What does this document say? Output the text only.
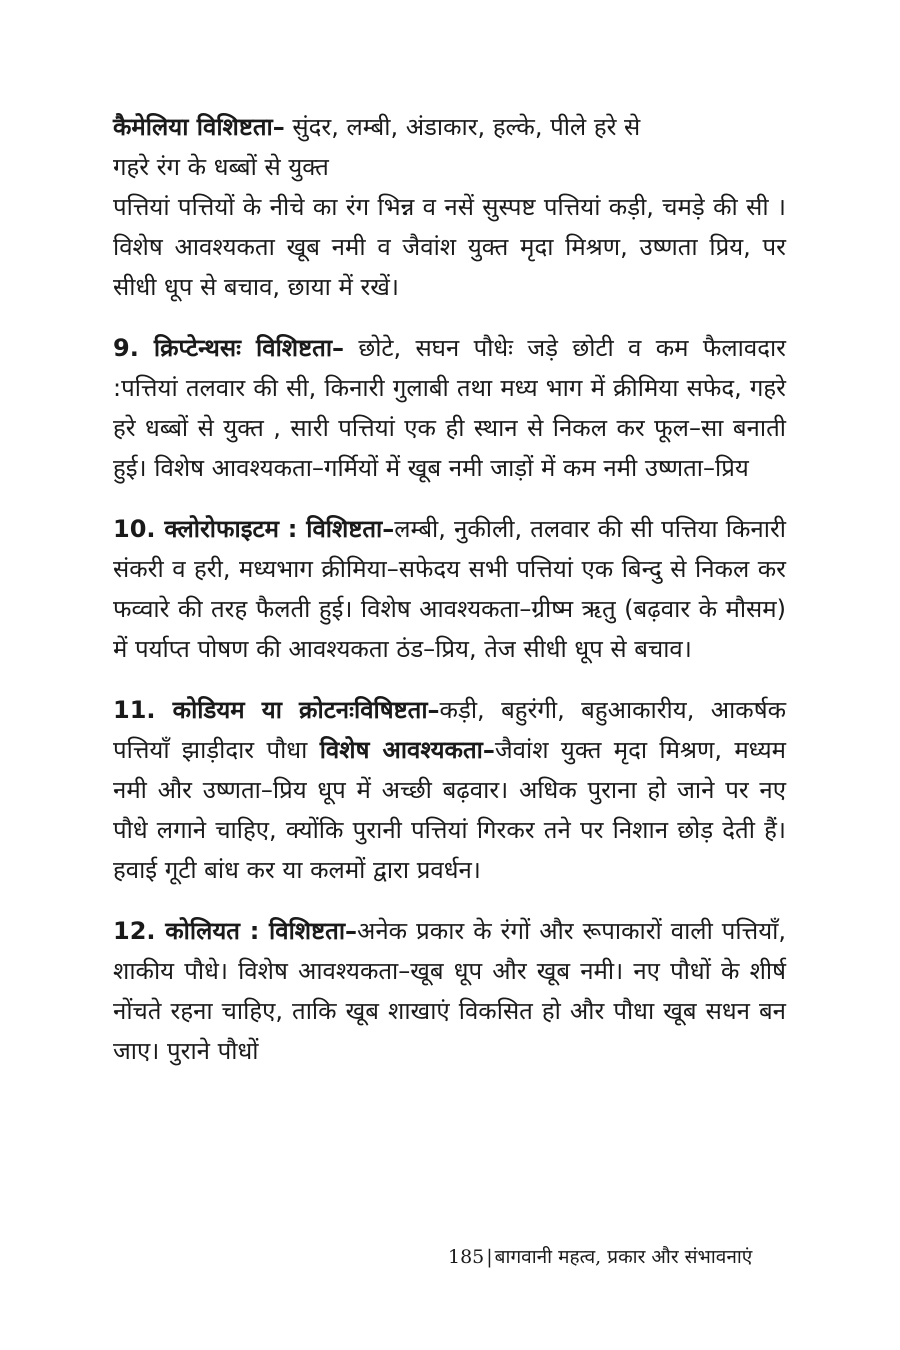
कैमेलिया विशिष्टता– सुंदर, लम्बी, अंडाकार, हल्के, पीले हरे से
गहरे रंग के धब्बों से युक्त

पत्तियां पत्तियों के नीचे का रंग भिन्न व नसें सुस्पष्ट पत्तियां कड़ी, चमड़े की सी । विशेष आवश्यकता खूब नमी व जैवांश युक्त मृदा मिश्रण, उष्णता प्रिय, पर सीधी धूप से बचाव, छाया में रखें।

9. क्रिप्टेन्थसः विशिष्टता– छोटे, सघन पौधेः जड़े छोटी व कम फैलावदार :पत्तियां तलवार की सी, किनारी गुलाबी तथा मध्य भाग में क्रीमिया सफेद, गहरे हरे धब्बों से युक्त , सारी पत्तियां एक ही स्थान से निकल कर फूल–सा बनाती हुई। विशेष आवश्यकता–गर्मियों में खूब नमी जाड़ों में कम नमी उष्णता–प्रिय

10. क्लोरोफाइटम : विशिष्टता–लम्बी, नुकीली, तलवार की सी पत्तिया किनारी संकरी व हरी, मध्यभाग क्रीमिया–सफेदय सभी पत्तियां एक बिन्दु से निकल कर फव्वारे की तरह फैलती हुई। विशेष आवश्यकता–ग्रीष्म ऋतु (बढ़वार के मौसम) में पर्याप्त पोषण की आवश्यकता ठंड–प्रिय, तेज सीधी धूप से बचाव।

11. कोडियम या क्रोटनःविषिष्टता–कड़ी, बहुरंगी, बहुआकारीय, आकर्षक पत्तियाँ झाड़ीदार पौधा विशेष आवश्यकता–जैवांश युक्त मृदा मिश्रण, मध्यम नमी और उष्णता–प्रिय धूप में अच्छी बढ़वार। अधिक पुराना हो जाने पर नए पौधे लगाने चाहिए, क्योंकि पुरानी पत्तियां गिरकर तने पर निशान छोड़ देती हैं। हवाई गूटी बांध कर या कलमों द्वारा प्रवर्धन।

12. कोलियत : विशिष्टता–अनेक प्रकार के रंगों और रूपाकारों वाली पत्तियाँ, शाकीय पौधे। विशेष आवश्यकता–खूब धूप और खूब नमी। नए पौधों के शीर्ष नोंचते रहना चाहिए, ताकि खूब शाखाएं विकसित हो और पौधा खूब सधन बन जाए। पुराने पौधों

185 | बागवानी महत्व, प्रकार और संभावनाएं
